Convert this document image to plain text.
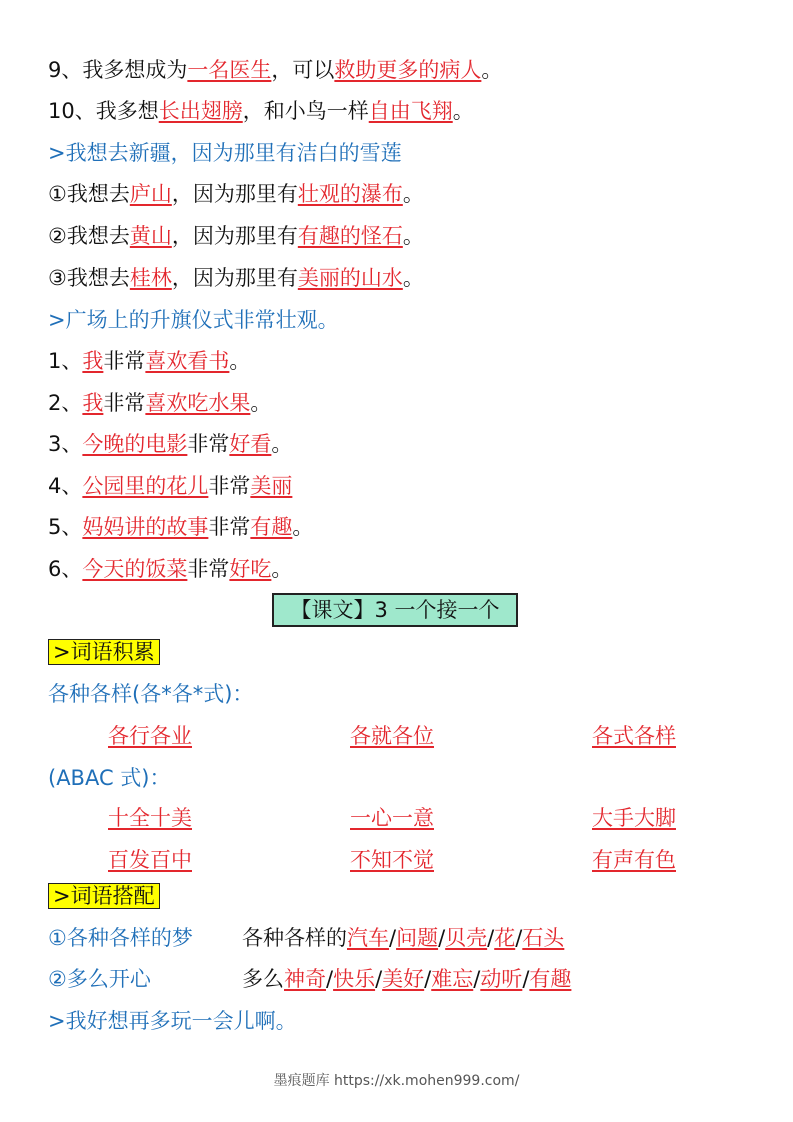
9、我多想成为一名医生，可以救助更多的病人。
10、我多想长出翅膀，和小鸟一样自由飞翔。
>我想去新疆，因为那里有洁白的雪莲
①我想去庐山，因为那里有壮观的瀑布。
②我想去黄山，因为那里有有趣的怪石。
③我想去桂林，因为那里有美丽的山水。
>广场上的升旗仪式非常壮观。
1、我非常喜欢看书。
2、我非常喜欢吃水果。
3、今晚的电影非常好看。
4、公园里的花儿非常美丽
5、妈妈讲的故事非常有趣。
6、今天的饭菜非常好吃。
【课文】3 一个接一个
>词语积累
各种各样(各*各*式)：
各行各业	各就各位	各式各样
(ABAC 式)：
十全十美	一心一意	大手大脚
百发百中	不知不觉	有声有色
>词语搭配
①各种各样的梦 各种各样的汽车/问题/贝壳/花/石头
②多么开心	多么神奇/快乐/美好/难忘/动听/有趣
>我好想再多玩一会儿啊。
墨痕题库 https://xk.mohen999.com/
